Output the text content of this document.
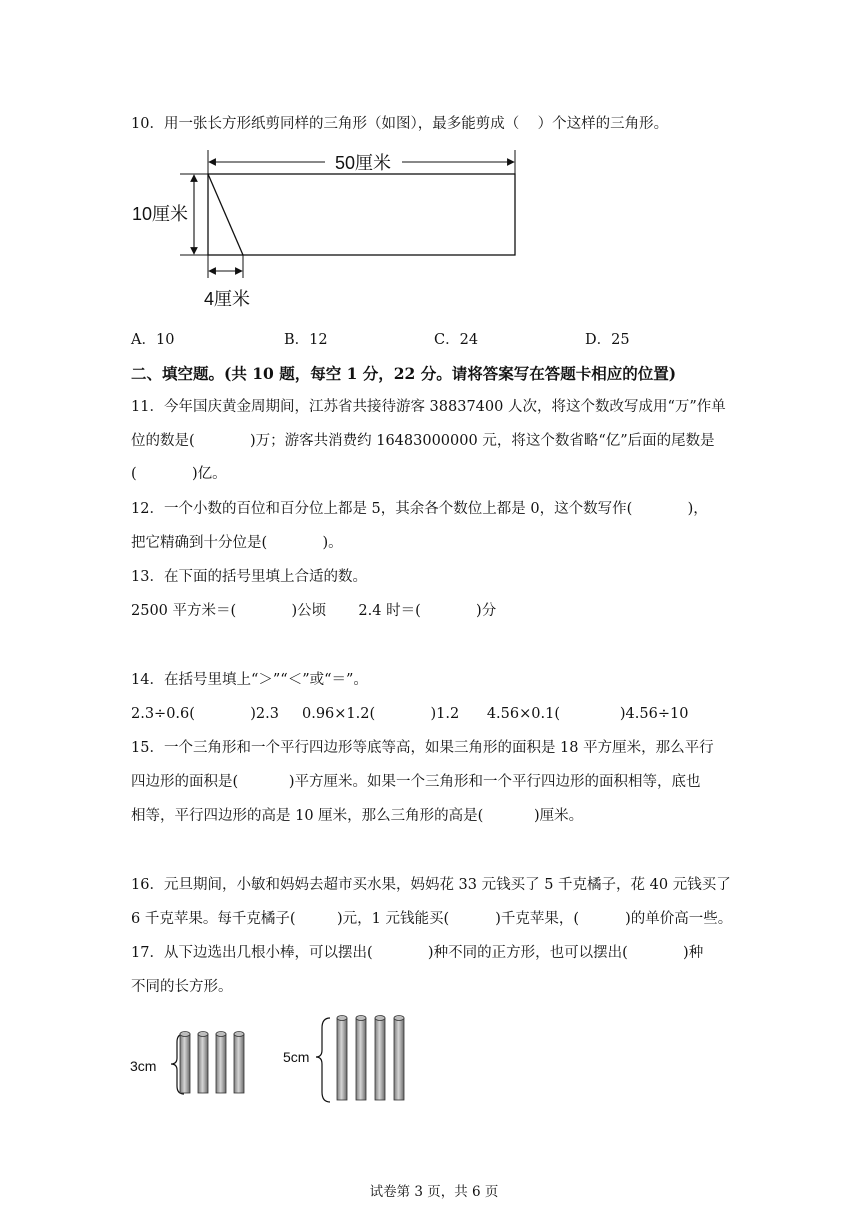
10．用一张长方形纸剪同样的三角形（如图），最多能剪成（    ）个这样的三角形。
50厘米
10厘米
4厘米
A．10	B．12	C．24	D．25
二、填空题。(共 10 题，每空 1 分，22 分。请将答案写在答题卡相应的位置)
11．今年国庆黄金周期间，江苏省共接待游客 38837400 人次，将这个数改写成用“万”作单
位的数是(            )万；游客共消费约 16483000000 元，将这个数省略“亿”后面的尾数是
(            )亿。
12．一个小数的百位和百分位上都是 5，其余各个数位上都是 0，这个数写作(            )，
把它精确到十分位是(            )。
13．在下面的括号里填上合适的数。
2500 平方米＝(            )公顷       2.4 时＝(            )分
14．在括号里填上“＞”“＜”或“＝”。
2.3÷0.6(            )2.3     0.96×1.2(            )1.2      4.56×0.1(             )4.56÷10
15．一个三角形和一个平行四边形等底等高，如果三角形的面积是 18 平方厘米，那么平行
四边形的面积是(           )平方厘米。如果一个三角形和一个平行四边形的面积相等，底也
相等，平行四边形的高是 10 厘米，那么三角形的高是(           )厘米。
16．元旦期间，小敏和妈妈去超市买水果，妈妈花 33 元钱买了 5 千克橘子，花 40 元钱买了
6 千克苹果。每千克橘子(         )元，1 元钱能买(          )千克苹果，(          )的单价高一些。
17．从下边选出几根小棒，可以摆出(            )种不同的正方形，也可以摆出(            )种
不同的长方形。
3cm
5cm
试卷第 3 页，共 6 页
